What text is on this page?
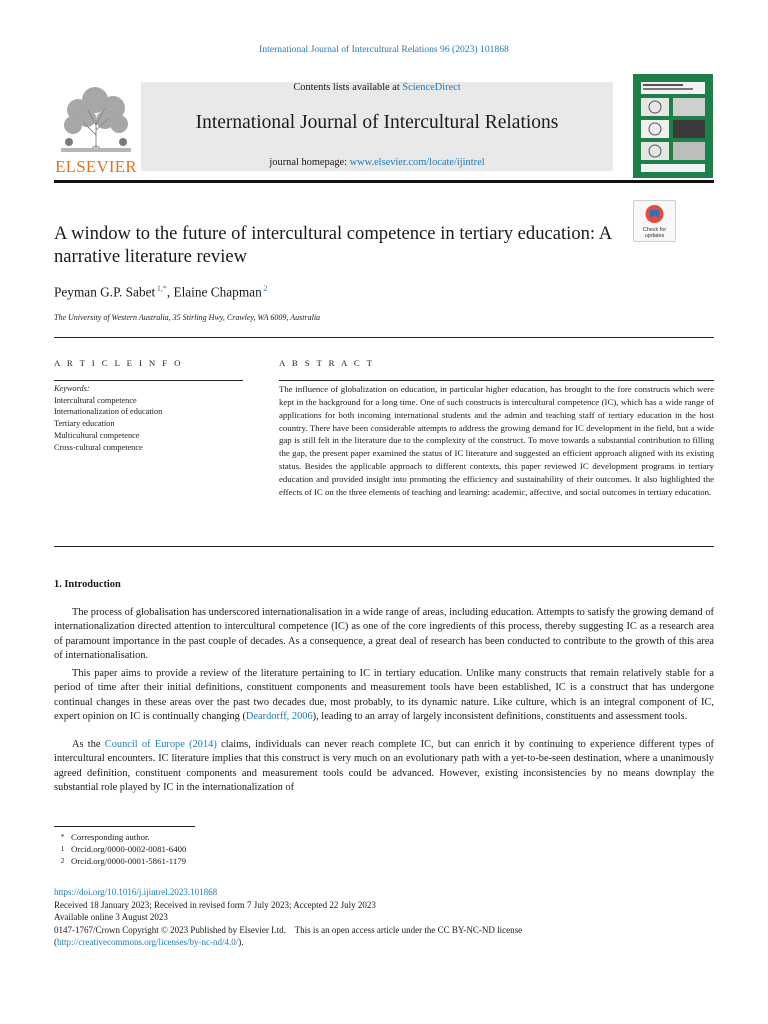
International Journal of Intercultural Relations 96 (2023) 101868
Contents lists available at ScienceDirect
International Journal of Intercultural Relations
journal homepage: www.elsevier.com/locate/ijintrel
ELSEVIER
Check for
updates
A window to the future of intercultural competence in tertiary education: A narrative literature review
Peyman G.P. Sabet  $^{1,*}$, Elaine Chapman  $^2$
The University of Western Australia, 35 Stirling Hwy, Crawley, WA 6009, Australia
A R T I C L E I N F O	A B S T R A C T
Keywords:
Intercultural competence
Internationalization of education
Tertiary education
Multicultural competence
Cross-cultural competence
The influence of globalization on education, in particular higher education, has brought to the fore constructs which were kept in the background for a long time. One of such constructs is intercultural competence (IC), which has a wide range of applications for both incoming international students and the admin and teaching staff of tertiary education in the host country. There have been considerable attempts to address the growing demand for IC development in the field, but a wide gap is still felt in the literature due to the complexity of the construct. To move towards a substantial contribution to filling the gap, the present paper examined the status of IC literature and suggested an efficient approach aligned with its existing status. Besides the applicable approach to different contexts, this paper reviewed IC development programs in tertiary education and provided insight into promoting the efficiency and sustainability of their outcomes. It also highlighted the effects of IC on the three elements of teaching and learning: academic, affective, and social outcomes in tertiary education.
1. Introduction

The process of globalisation has underscored internationalisation in a wide range of areas, including education. Attempts to satisfy the growing demand of internationalization directed attention to intercultural competence (IC) as one of the core ingredients of this process, thereby suggesting IC as a research area of paramount importance in the past couple of decades. As a consequence, a great deal of research has been conducted to contribute to the growth of this area of internationalisation.

This paper aims to provide a review of the literature pertaining to IC in tertiary education. Unlike many constructs that remain relatively stable for a period of time after their initial definitions, constituent components and measurement tools have been established, IC is a construct that has undergone continual changes in these areas over the past two decades due, most probably, to its dynamic nature. Like culture, which is an integral component of IC, expert opinion on IC is continually changing (Deardorff, 2006), leading to an array of largely inconsistent definitions, constituents and assessment tools.

As the Council of Europe (2014) claims, individuals can never reach complete IC, but can enrich it by continuing to experience different types of intercultural encounters. IC literature implies that this construct is very much on an evolutionary path with a yet-to-be-seen destination, where a unanimously agreed definition, constituent components and measurement tools could be advanced. However, existing inconsistencies by no means downplay the substantial role played by IC in the internationalization of

* Corresponding author.
1 Orcid.org/0000-0002-0081-6400
2 Orcid.org/0000-0001-5861-1179
https://doi.org/10.1016/j.ijintrel.2023.101868
Received 18 January 2023; Received in revised form 7 July 2023; Accepted 22 July 2023
Available online 3 August 2023
0147-1767/Crown Copyright © 2023 Published by Elsevier Ltd.    This is an open access article under the CC BY-NC-ND license
(http://creativecommons.org/licenses/by-nc-nd/4.0/).
